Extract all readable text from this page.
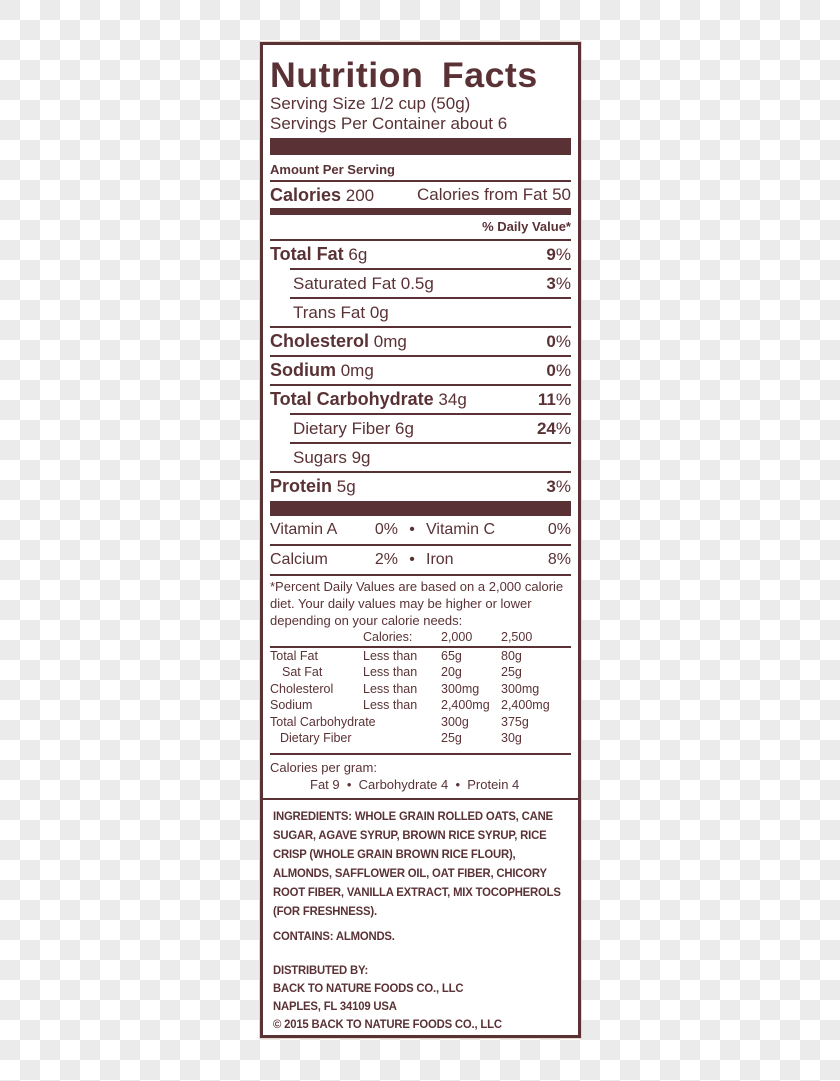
Nutrition Facts
Serving Size 1/2 cup (50g)
Servings Per Container about 6
Amount Per Serving
Calories 200	Calories from Fat 50
% Daily Value*
Total Fat 6g	9%
Saturated Fat 0.5g	3%
Trans Fat 0g
Cholesterol 0mg	0%
Sodium 0mg	0%
Total Carbohydrate 34g	11%
Dietary Fiber 6g	24%
Sugars 9g
Protein 5g	3%
Vitamin A	0% • Vitamin C	0%
Calcium	2% • Iron	8%
*Percent Daily Values are based on a 2,000 calorie diet. Your daily values may be higher or lower depending on your calorie needs:
	Calories:	2,000	2,500
Total Fat	Less than	65g	80g
Sat Fat	Less than	20g	25g
Cholesterol	Less than	300mg	300mg
Sodium	Less than	2,400mg	2,400mg
Total Carbohydrate		300g	375g
Dietary Fiber		25g	30g
Calories per gram:
Fat 9  •  Carbohydrate 4  •  Protein 4
INGREDIENTS: WHOLE GRAIN ROLLED OATS, CANE SUGAR, AGAVE SYRUP, BROWN RICE SYRUP, RICE CRISP (WHOLE GRAIN BROWN RICE FLOUR), ALMONDS, SAFFLOWER OIL, OAT FIBER, CHICORY ROOT FIBER, VANILLA EXTRACT, MIX TOCOPHEROLS (FOR FRESHNESS).
CONTAINS: ALMONDS.
DISTRIBUTED BY:
BACK TO NATURE FOODS CO., LLC
NAPLES, FL 34109 USA
© 2015 BACK TO NATURE FOODS CO., LLC
